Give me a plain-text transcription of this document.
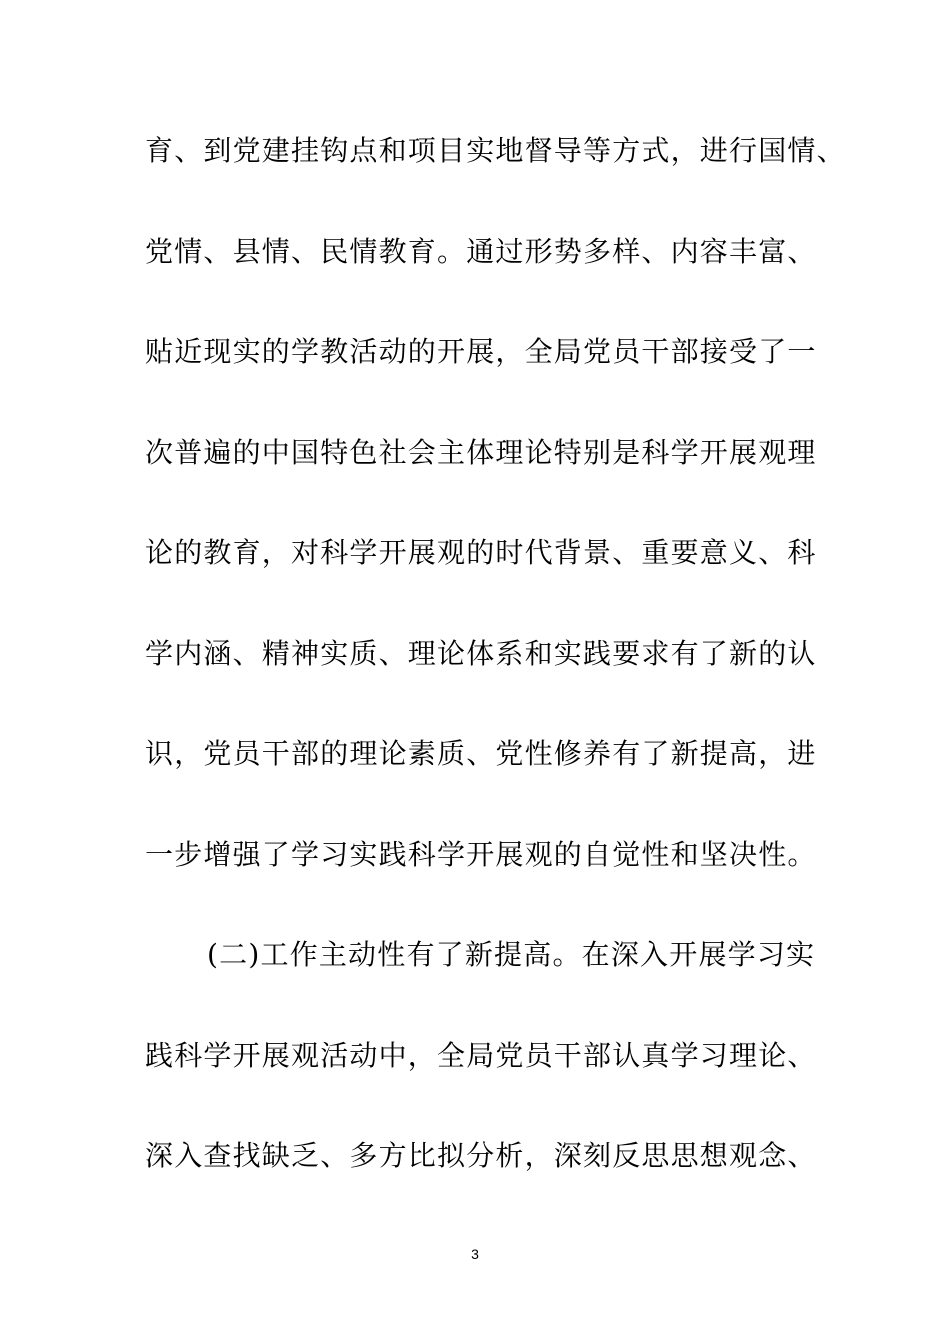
育、到党建挂钩点和项目实地督导等方式，进行国情、
党情、县情、民情教育。通过形势多样、内容丰富、
贴近现实的学教活动的开展，全局党员干部接受了一
次普遍的中国特色社会主体理论特别是科学开展观理
论的教育，对科学开展观的时代背景、重要意义、科
学内涵、精神实质、理论体系和实践要求有了新的认
识，党员干部的理论素质、党性修养有了新提高，进
一步增强了学习实践科学开展观的自觉性和坚决性。
(二)工作主动性有了新提高。在深入开展学习实
践科学开展观活动中，全局党员干部认真学习理论、
深入查找缺乏、多方比拟分析，深刻反思思想观念、
3
